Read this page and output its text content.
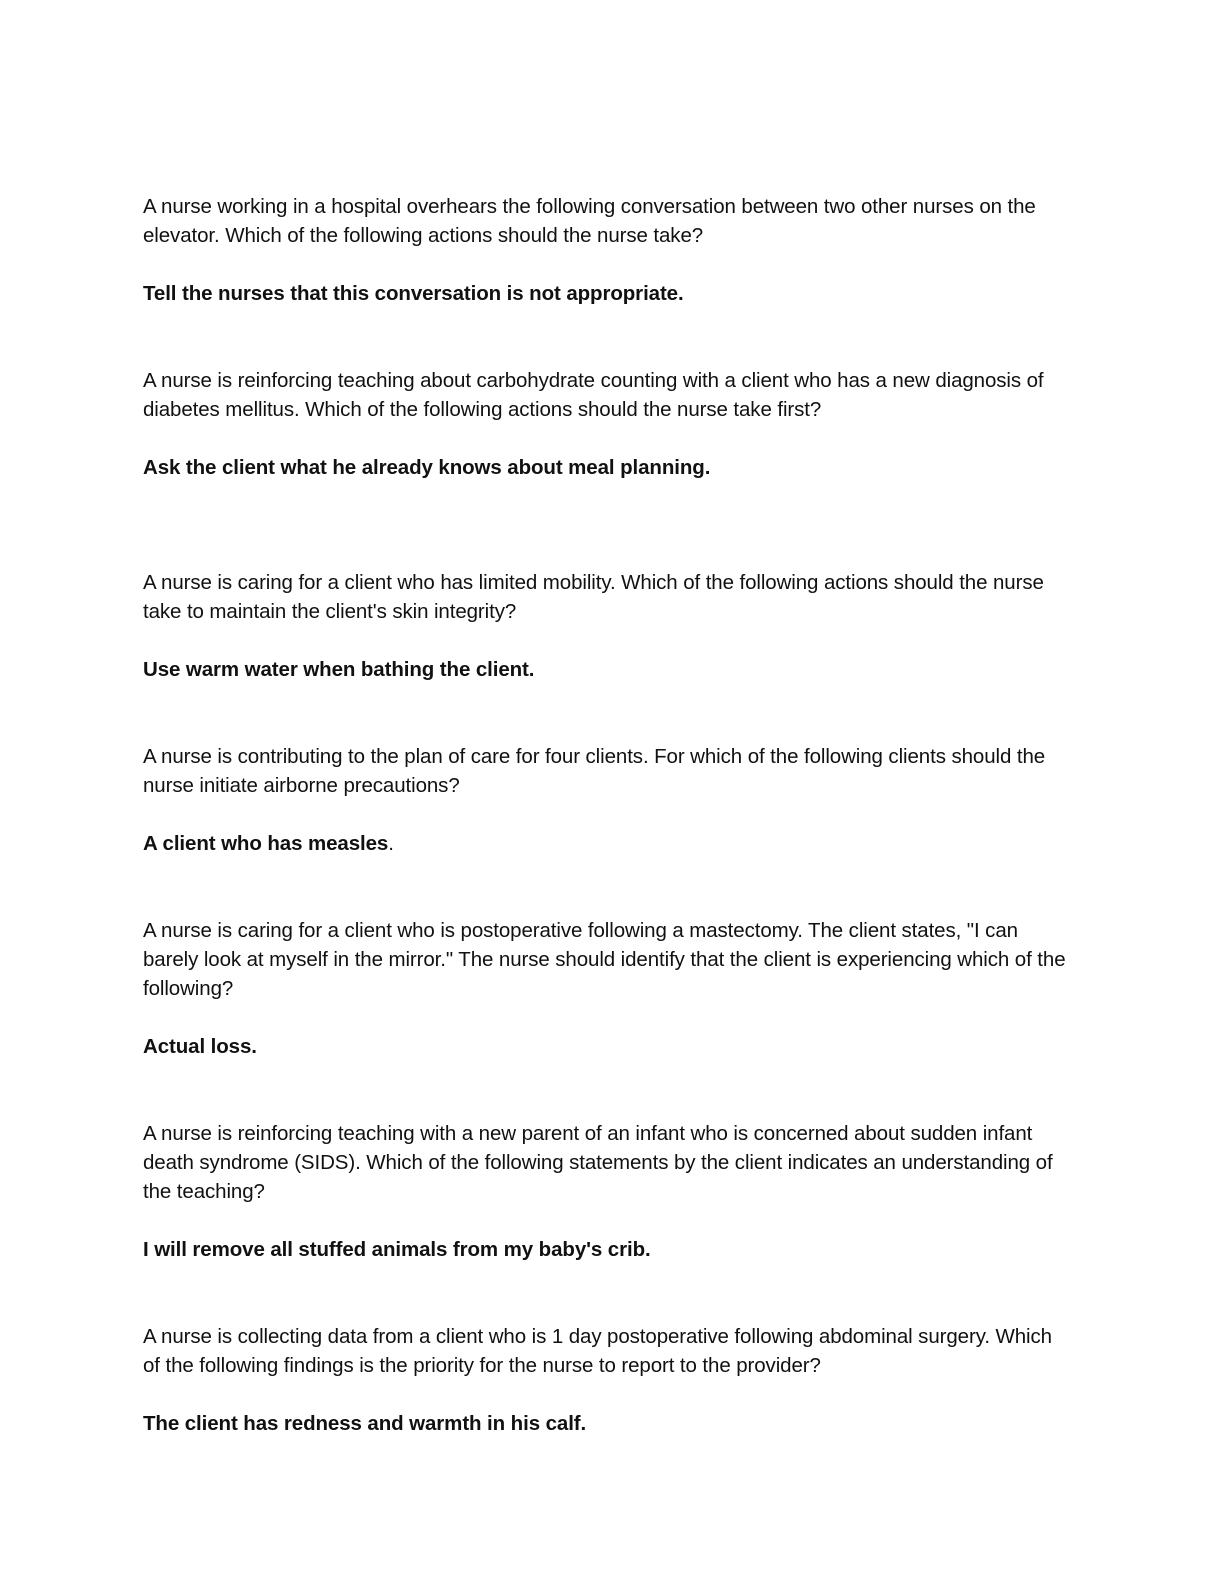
A nurse working in a hospital overhears the following conversation between two other nurses on the elevator. Which of the following actions should the nurse take?

Tell the nurses that this conversation is not appropriate.

A nurse is reinforcing teaching about carbohydrate counting with a client who has a new diagnosis of diabetes mellitus. Which of the following actions should the nurse take first?

Ask the client what he already knows about meal planning.

A nurse is caring for a client who has limited mobility. Which of the following actions should the nurse take to maintain the client's skin integrity?

Use warm water when bathing the client.

A nurse is contributing to the plan of care for four clients. For which of the following clients should the nurse initiate airborne precautions?

A client who has measles.

A nurse is caring for a client who is postoperative following a mastectomy. The client states, "I can barely look at myself in the mirror." The nurse should identify that the client is experiencing which of the following?

Actual loss.

A nurse is reinforcing teaching with a new parent of an infant who is concerned about sudden infant death syndrome (SIDS). Which of the following statements by the client indicates an understanding of the teaching?

I will remove all stuffed animals from my baby's crib.

A nurse is collecting data from a client who is 1 day postoperative following abdominal surgery. Which of the following findings is the priority for the nurse to report to the provider?

The client has redness and warmth in his calf.
